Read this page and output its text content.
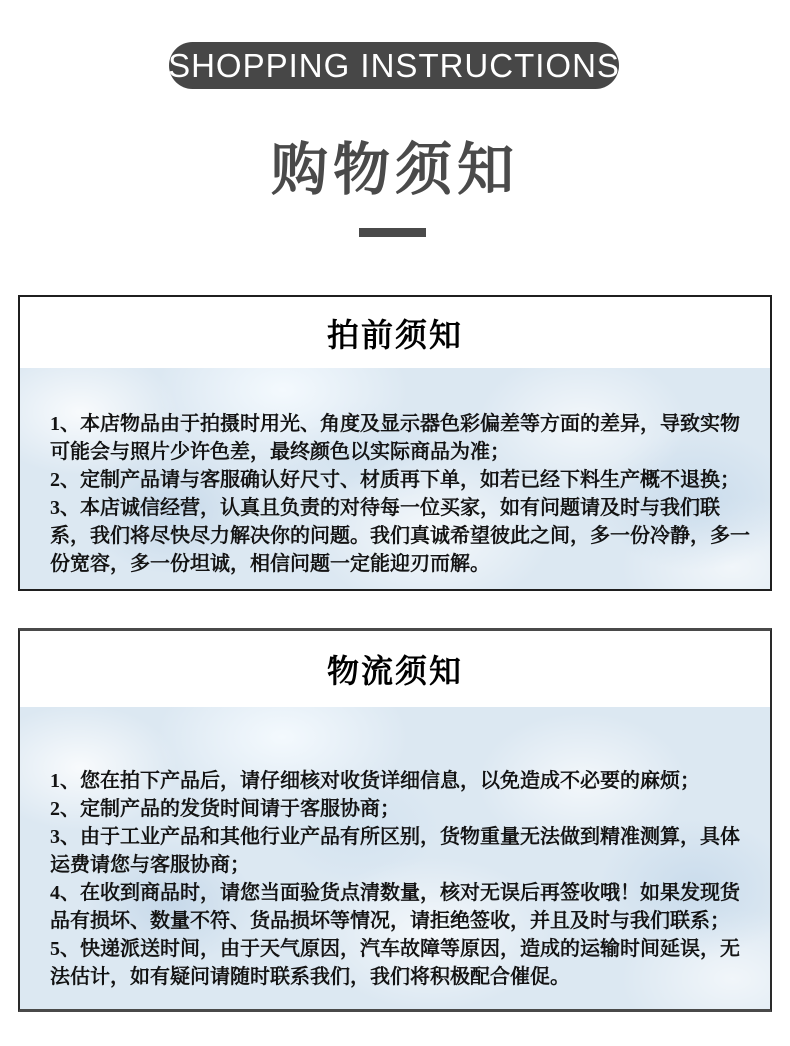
SHOPPING INSTRUCTIONS
购物须知
拍前须知

1、本店物品由于拍摄时用光、角度及显示器色彩偏差等方面的差异，导致实物可能会与照片少许色差，最终颜色以实际商品为准；

2、定制产品请与客服确认好尺寸、材质再下单，如若已经下料生产概不退换；

3、本店诚信经营，认真且负责的对待每一位买家，如有问题请及时与我们联系，我们将尽快尽力解决你的问题。我们真诚希望彼此之间，多一份冷静，多一份宽容，多一份坦诚，相信问题一定能迎刃而解。

物流须知

1、您在拍下产品后，请仔细核对收货详细信息，以免造成不必要的麻烦；

2、定制产品的发货时间请于客服协商；

3、由于工业产品和其他行业产品有所区别，货物重量无法做到精准测算，具体运费请您与客服协商；

4、在收到商品时，请您当面验货点清数量，核对无误后再签收哦！如果发现货品有损坏、数量不符、货品损坏等情况，请拒绝签收，并且及时与我们联系；

5、快递派送时间，由于天气原因，汽车故障等原因，造成的运输时间延误，无法估计，如有疑问请随时联系我们，我们将积极配合催促。
